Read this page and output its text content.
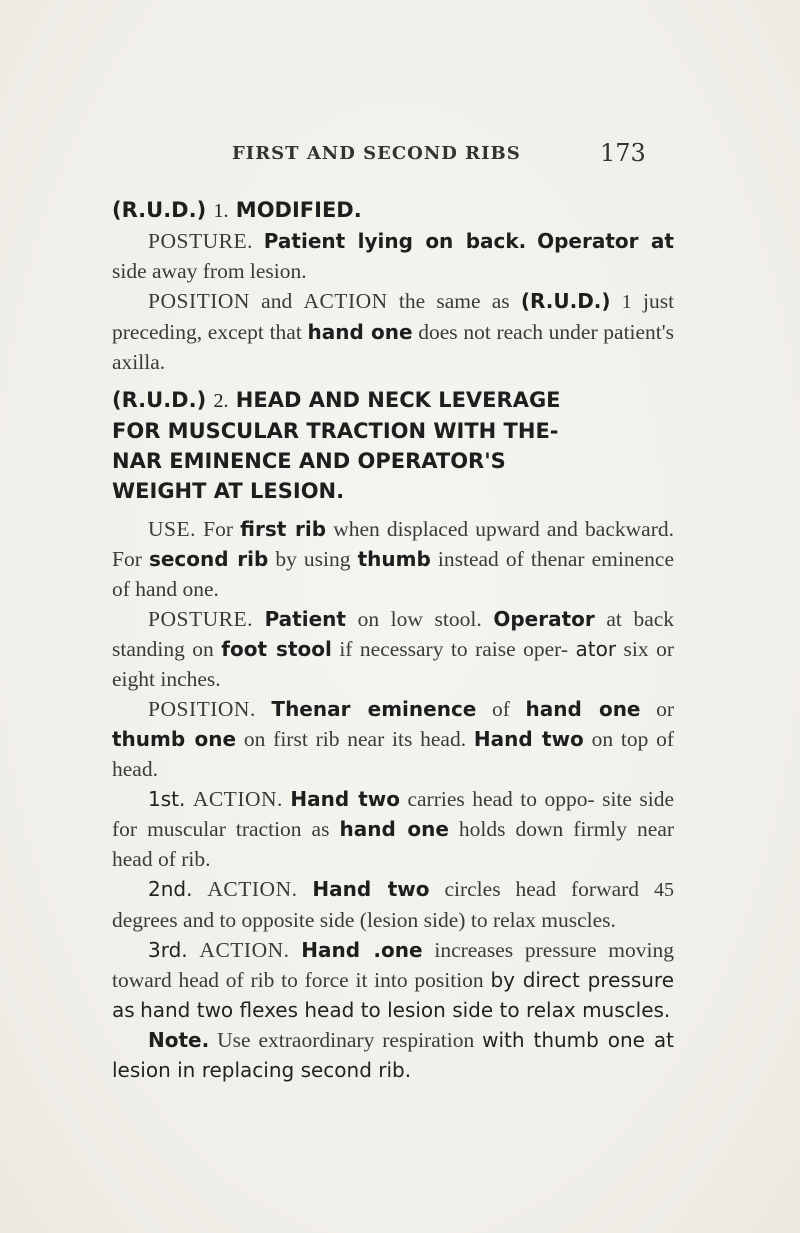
FIRST AND SECOND RIBS	173

(R.U.D.) 1. MODIFIED.

POSTURE. Patient lying on back. Operator at side away from lesion.

POSITION and ACTION the same as (R.U.D.) 1 just preceding, except that hand one does not reach under patient's axilla.

(R.U.D.) 2. HEAD AND NECK LEVERAGE

FOR MUSCULAR TRACTION WITH THE-

NAR EMINENCE AND OPERATOR'S

WEIGHT AT LESION.

USE. For first rib when displaced upward and backward. For second rib by using thumb instead of thenar eminence of hand one.

POSTURE. Patient on low stool. Operator at back standing on foot stool if necessary to raise oper- ator six or eight inches.

POSITION. Thenar eminence of hand one or thumb one on first rib near its head. Hand two on top of head.

1st. ACTION. Hand two carries head to oppo- site side for muscular traction as hand one holds down firmly near head of rib.

2nd. ACTION. Hand two circles head forward 45 degrees and to opposite side (lesion side) to relax muscles.

3rd. ACTION. Hand .one increases pressure moving toward head of rib to force it into position by direct pressure as hand two flexes head to lesion side to relax muscles.

Note. Use extraordinary respiration with thumb one at lesion in replacing second rib.
